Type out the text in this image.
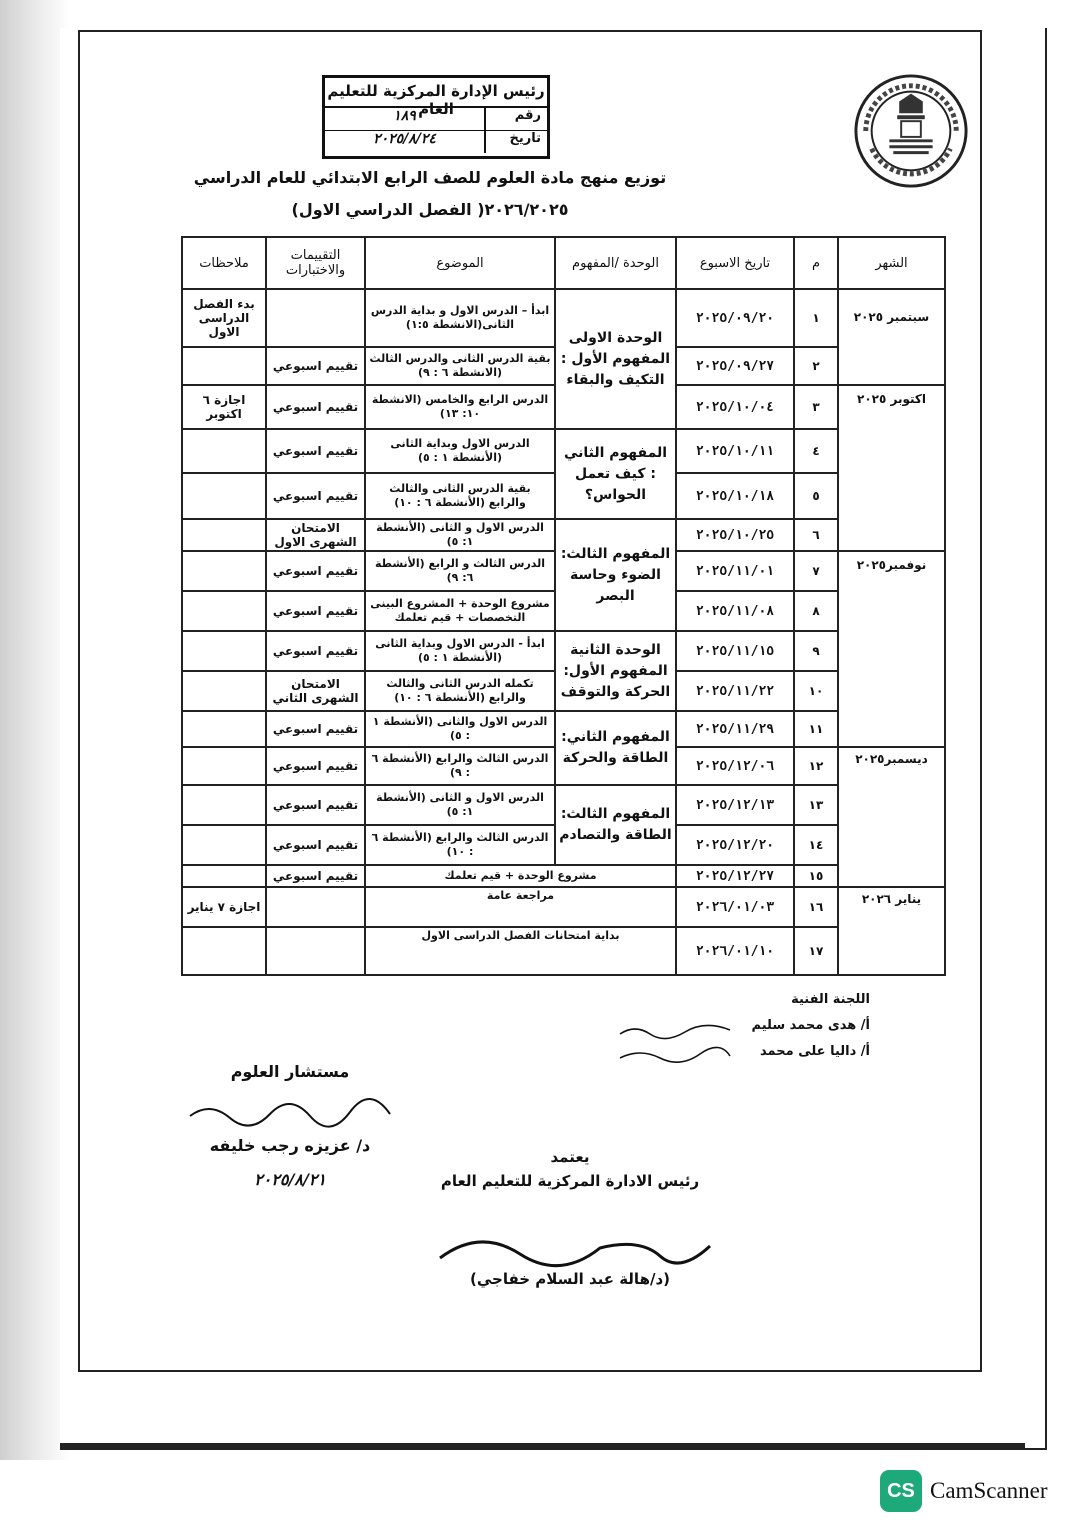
رئيس الإدارة المركزية للتعليم العام	رقم
١٨٩
تاريخ
٢٠٢٥/٨/٢٤
توزيع منهج مادة العلوم للصف الرابع الابتدائي للعام الدراسي
٢٠٢٦/٢٠٢٥( الفصل الدراسي الاول)
الشهر	م	تاريخ الاسبوع	الوحدة /المفهوم	الموضوع	التقييمات والاختبارات	ملاحظات
سبتمبر ٢٠٢٥	١	٢٠٢٥/٠٩/٢٠	الوحدة الاولى المفهوم الأول : التكيف والبقاء	ابدأ – الدرس الاول و بداية الدرس الثانى(الانشطة ١:٥)		بدء الفصل الدراسى الاول
	٢	٢٠٢٥/٠٩/٢٧		بقية الدرس الثانى والدرس الثالث (الانشطة ٦ : ٩)	تقييم اسبوعي	
اكتوبر ٢٠٢٥	٣	٢٠٢٥/١٠/٠٤		الدرس الرابع والخامس (الانشطة ١٠: ١٣)	تقييم اسبوعي	اجازة ٦ اكتوبر
	٤	٢٠٢٥/١٠/١١	المفهوم الثاني : كيف تعمل الحواس؟	الدرس الاول وبداية الثانى (الأنشطة ١ : ٥)	تقييم اسبوعي	
	٥	٢٠٢٥/١٠/١٨		بقية الدرس الثانى والثالث والرابع (الأنشطة ٦ : ١٠)	تقييم اسبوعي	
	٦	٢٠٢٥/١٠/٢٥	المفهوم الثالث: الضوء وحاسة البصر	الدرس الاول و الثانى (الأنشطة ١: ٥)	الامتحان الشهرى الاول	
نوفمبر٢٠٢٥	٧	٢٠٢٥/١١/٠١		الدرس الثالث و الرابع (الأنشطة ٦: ٩)	تقييم اسبوعي	
	٨	٢٠٢٥/١١/٠٨		مشروع الوحدة + المشروع البينى التخصصات + قيم تعلمك	تقييم اسبوعي	
	٩	٢٠٢٥/١١/١٥	الوحدة الثانية المفهوم الأول: الحركة والتوقف	ابدأ - الدرس الاول وبداية الثانى (الأنشطة ١ : ٥)	تقييم اسبوعي	
	١٠	٢٠٢٥/١١/٢٢		تكمله الدرس الثانى والثالث والرابع (الأنشطة ٦ : ١٠)	الامتحان الشهرى الثاني	
	١١	٢٠٢٥/١١/٢٩	المفهوم الثاني: الطاقة والحركة	الدرس الاول والثانى (الأنشطة ١ : ٥)	تقييم اسبوعي	
ديسمبر٢٠٢٥	١٢	٢٠٢٥/١٢/٠٦		الدرس الثالث والرابع (الأنشطة ٦ : ٩)	تقييم اسبوعي	
	١٣	٢٠٢٥/١٢/١٣	المفهوم الثالث: الطاقة والتصادم	الدرس الاول و الثانى (الأنشطة ١: ٥)	تقييم اسبوعي	
	١٤	٢٠٢٥/١٢/٢٠		الدرس الثالث والرابع (الأنشطة ٦ : ١٠)	تقييم اسبوعي	
	١٥	٢٠٢٥/١٢/٢٧	مشروع الوحدة + قيم تعلمك		تقييم اسبوعي	
يناير ٢٠٢٦	١٦	٢٠٢٦/٠١/٠٣	مراجعة عامة			اجازة ٧ يناير
	١٧	٢٠٢٦/٠١/١٠	بداية امتحانات الفصل الدراسى الاول			
اللجنة الفنية
أ/ هدى محمد سليم
أ/ داليا على محمد
مستشار العلوم
د/ عزيزه رجب خليفه
٢٠٢٥/٨/٢١
يعتمد
رئيس الادارة المركزية للتعليم العام
(د/هالة عبد السلام خفاجي)
CS CamScanner
